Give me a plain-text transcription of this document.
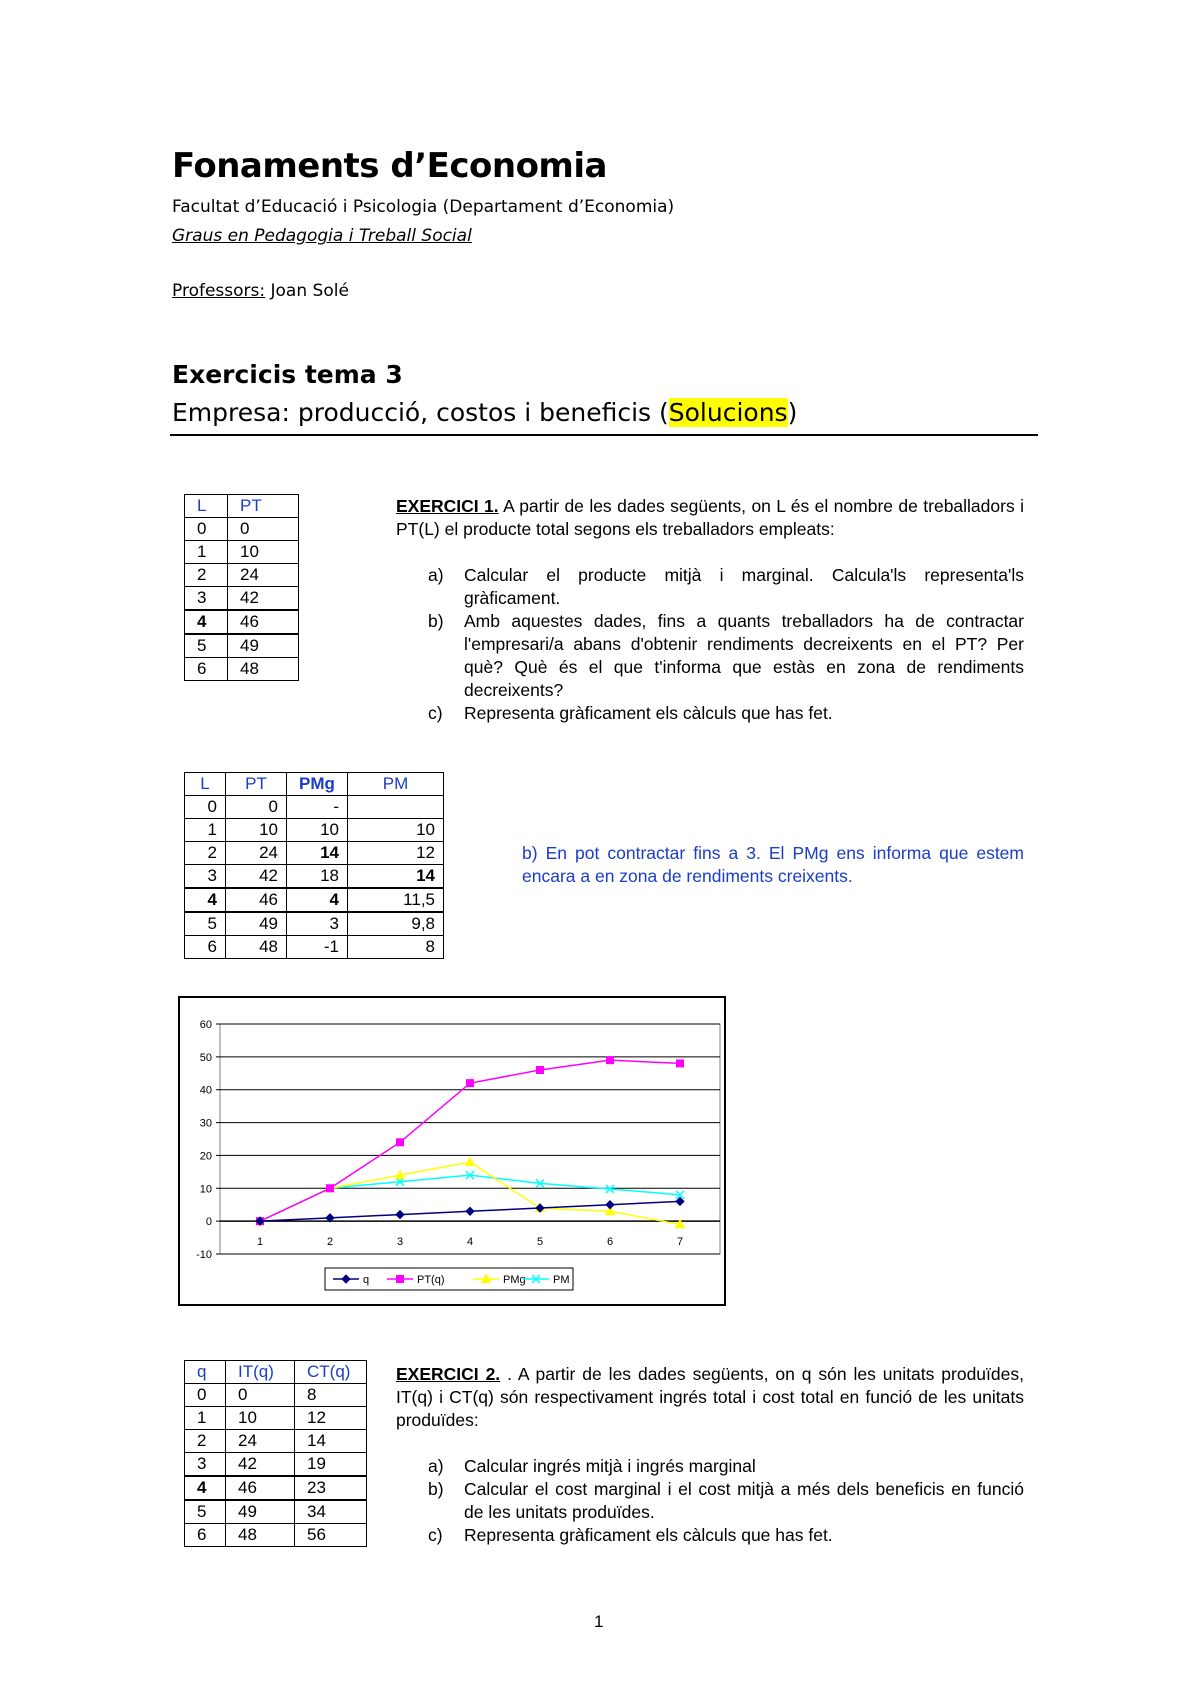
Fonaments d’Economia
Facultat d’Educació i Psicologia (Departament d’Economia)
Graus en Pedagogia i Treball Social
Professors: Joan Solé
Exercicis tema 3
Empresa: producció, costos i beneficis (Solucions)
L	PT
0	0
1	10
2	24
3	42
4	46
5	49
6	48
EXERCICI 1. A partir de les dades següents, on L és el nombre de treballadors i PT(L) el producte total segons els treballadors empleats:
a) Calcular el producte mitjà i marginal. Calcula'ls representa'ls gràficament.
b) Amb aquestes dades, fins a quants treballadors ha de contractar l'empresari/a abans d'obtenir rendiments decreixents en el PT? Per què? Què és el que t'informa que estàs en zona de rendiments decreixents?
c) Representa gràficament els càlculs que has fet.
L	PT	PMg	PM
0	0	-	
1	10	10	10
2	24	14	12
3	42	18	14
4	46	4	11,5
5	49	3	9,8
6	48	-1	8
b) En pot contractar fins a 3. El PMg ens informa que estem encara a en zona de rendiments creixents.
60
50
40
30
20
10
0
-10
1	2	3	4	5	6	7
q	PT(q)	PMg PM
q	IT(q)	CT(q)
0	0	8
1	10	12
2	24	14
3	42	19
4	46	23
5	49	34
6	48	56
EXERCICI 2. . A partir de les dades següents, on q són les unitats produïdes, IT(q) i CT(q) són respectivament ingrés total i cost total en funció de les unitats produïdes:
a) Calcular ingrés mitjà i ingrés marginal
b) Calcular el cost marginal i el cost mitjà a més dels beneficis en funció de les unitats produïdes.
c) Representa gràficament els càlculs que has fet.
1
